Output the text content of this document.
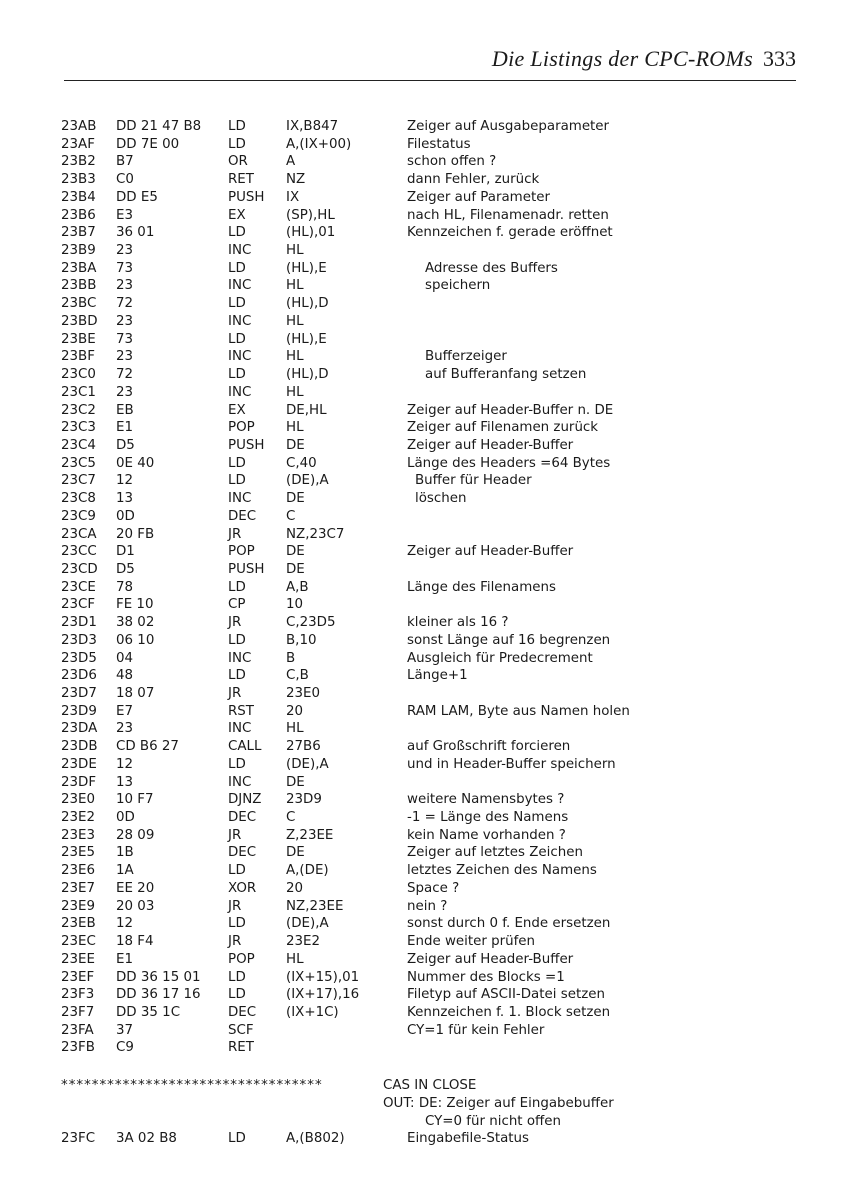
Die Listings der CPC-ROMs 333
23AB DD 21 47 B8 LD	IX,B847	Zeiger auf Ausgabeparameter
23AF DD 7E 00	LD	A,(IX+00)	Filestatus
23B2 B7	OR	A	schon offen ?
23B3 C0	RET NZ	dann Fehler, zurück
23B4 DD E5	PUSH IX	Zeiger auf Parameter
23B6 E3	EX	(SP),HL	nach HL, Filenamenadr. retten
23B7 36 01	LD	(HL),01	Kennzeichen f. gerade eröffnet
23B9 23	INC	HL
23BA 73	LD	(HL),E	Adresse des Buffers
23BB 23	INC	HL	speichern
23BC 72	LD	(HL),D
23BD 23	INC	HL
23BE 73	LD	(HL),E
23BF 23	INC	HL	Bufferzeiger
23C0 72	LD	(HL),D	auf Bufferanfang setzen
23C1 23	INC	HL
23C2 EB	EX	DE,HL	Zeiger auf Header-Buffer n. DE
23C3 E1	POP HL	Zeiger auf Filenamen zurück
23C4 D5	PUSH DE	Zeiger auf Header-Buffer
23C5 0E 40	LD	C,40	Länge des Headers =64 Bytes
23C7 12	LD	(DE),A	Buffer für Header
23C8 13	INC	DE	löschen
23C9 0D	DEC C
23CA 20 FB	JR	NZ,23C7
23CC D1	POP DE	Zeiger auf Header-Buffer
23CD D5	PUSH DE
23CE 78	LD	A,B	Länge des Filenamens
23CF FE 10	CP	10
23D1 38 02	JR	C,23D5	kleiner als 16 ?
23D3 06 10	LD	B,10	sonst Länge auf 16 begrenzen
23D5 04	INC	B	Ausgleich für Predecrement
23D6 48	LD	C,B	Länge+1
23D7 18 07	JR	23E0
23D9 E7	RST 20	RAM LAM, Byte aus Namen holen
23DA 23	INC	HL
23DB CD B6 27	CALL 27B6	auf Großschrift forcieren
23DE 12	LD	(DE),A	und in Header-Buffer speichern
23DF 13	INC	DE
23E0 10 F7	DJNZ 23D9	weitere Namensbytes ?
23E2 0D	DEC C	-1 = Länge des Namens
23E3 28 09	JR	Z,23EE	kein Name vorhanden ?
23E5 1B	DEC DE	Zeiger auf letztes Zeichen
23E6 1A	LD	A,(DE)	letztes Zeichen des Namens
23E7 EE 20	XOR 20	Space ?
23E9 20 03	JR	NZ,23EE	nein ?
23EB 12	LD	(DE),A	sonst durch 0 f. Ende ersetzen
23EC 18 F4	JR	23E2	Ende weiter prüfen
23EE E1	POP HL	Zeiger auf Header-Buffer
23EF DD 36 15 01 LD	(IX+15),01	Nummer des Blocks =1
23F3 DD 36 17 16 LD	(IX+17),16	Filetyp auf ASCII-Datei setzen
23F7 DD 35 1C	DEC (IX+1C)	Kennzeichen f. 1. Block setzen
23FA 37	SCF	CY=1 für kein Fehler
23FB C9	RET
**********************************	CAS IN CLOSE
OUT: DE: Zeiger auf Eingabebuffer
CY=0 für nicht offen
23FC 3A 02 B8	LD	A,(B802)	Eingabefile-Status
